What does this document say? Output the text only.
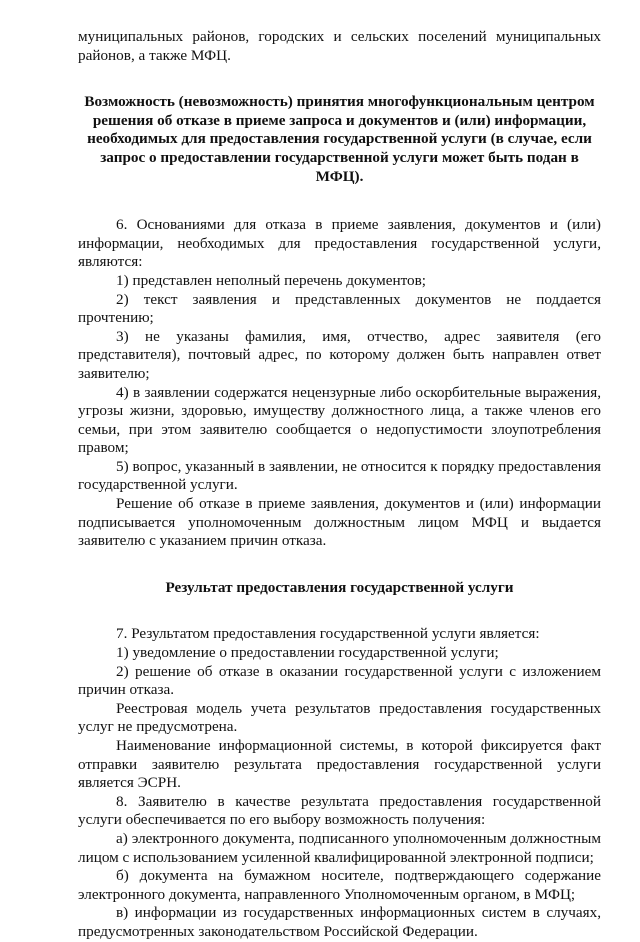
муниципальных районов, городских и сельских поселений муниципальных районов, а также МФЦ.

Возможность (невозможность) принятия многофункциональным центром решения об отказе в приеме запроса и документов и (или) информации, необходимых для предоставления государственной услуги (в случае, если запрос о предоставлении государственной услуги может быть подан в МФЦ).

6. Основаниями для отказа в приеме заявления, документов и (или) информации, необходимых для предоставления государственной услуги, являются:

1) представлен неполный перечень документов;

2) текст заявления и представленных документов не поддается прочтению;

3) не указаны фамилия, имя, отчество, адрес заявителя (его представителя), почтовый адрес, по которому должен быть направлен ответ заявителю;

4) в заявлении содержатся нецензурные либо оскорбительные выражения, угрозы жизни, здоровью, имуществу должностного лица, а также членов его семьи, при этом заявителю сообщается о недопустимости злоупотребления правом;

5) вопрос, указанный в заявлении, не относится к порядку предоставления государственной услуги.

Решение об отказе в приеме заявления, документов и (или) информации подписывается уполномоченным должностным лицом МФЦ и выдается заявителю с указанием причин отказа.

Результат предоставления государственной услуги

7. Результатом предоставления государственной услуги является:

1) уведомление о предоставлении государственной услуги;

2) решение об отказе в оказании государственной услуги с изложением причин отказа.

Реестровая модель учета результатов предоставления государственных услуг не предусмотрена.

Наименование информационной системы, в которой фиксируется факт отправки заявителю результата предоставления государственной услуги является ЭСРН.

8. Заявителю в качестве результата предоставления государственной услуги обеспечивается по его выбору возможность получения:

а) электронного документа, подписанного уполномоченным должностным лицом с использованием усиленной квалифицированной электронной подписи;

б) документа на бумажном носителе, подтверждающего содержание электронного документа, направленного Уполномоченным органом, в МФЦ;

в) информации из государственных информационных систем в случаях, предусмотренных законодательством Российской Федерации.
